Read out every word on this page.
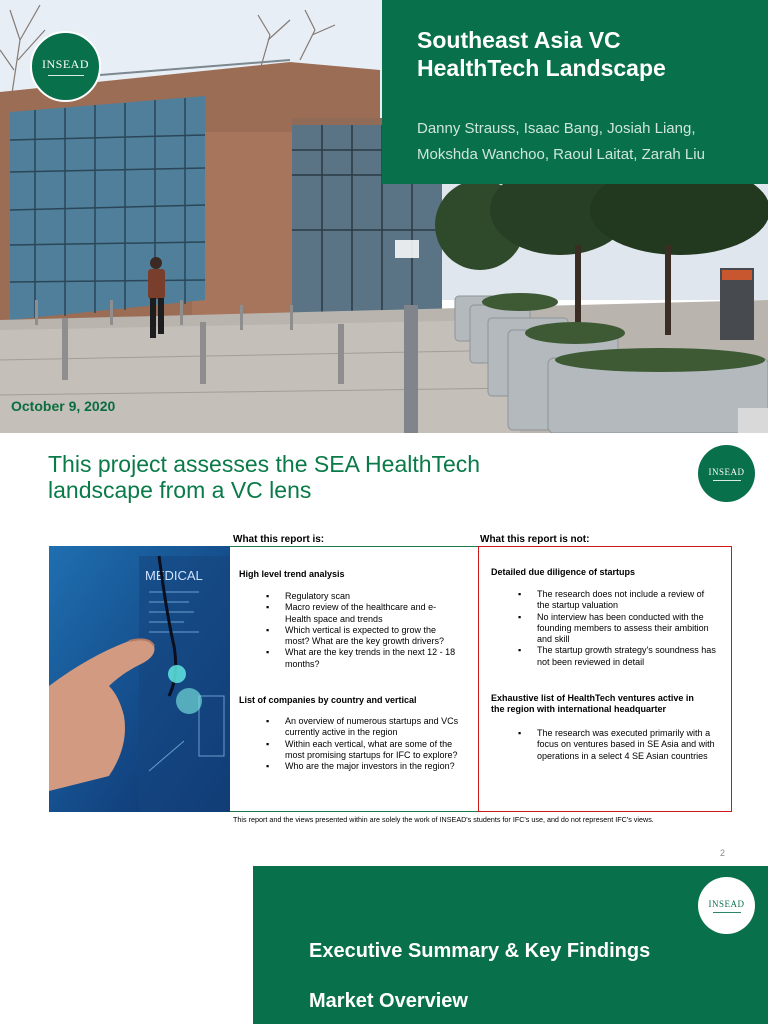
INSEAD
Southeast Asia VC
HealthTech Landscape
Danny Strauss, Isaac Bang, Josiah Liang,
Mokshda Wanchoo, Raoul Laitat, Zarah Liu
October 9, 2020
This project assesses the SEA HealthTech
landscape from a VC lens
INSEAD
What this report is:	What this report is not:
MEDICAL	High level trend analysis
▪ Regulatory scan
▪ Macro review of the healthcare and e-Health space and trends
▪ Which vertical is expected to grow the most? What are the key growth drivers?
▪ What are the key trends in the next 12 - 18 months?
List of companies by country and vertical
▪ An overview of numerous startups and VCs currently active in the region
▪ Within each vertical, what are some of the most promising startups for IFC to explore?
▪ Who are the major investors in the region?
Detailed due diligence of startups
▪ The research does not include a review of the startup valuation
▪ No interview has been conducted with the founding members to assess their ambition and skill
▪ The startup growth strategy's soundness has not been reviewed in detail
Exhaustive list of HealthTech ventures active in
the region with international headquarter
▪ The research was executed primarily with a focus on ventures based in SE Asia and with operations in a select 4 SE Asian countries
This report and the views presented within are solely the work of INSEAD's students for IFC's use, and do not represent IFC's views.
2
INSEAD
Executive Summary & Key Findings
Market Overview
